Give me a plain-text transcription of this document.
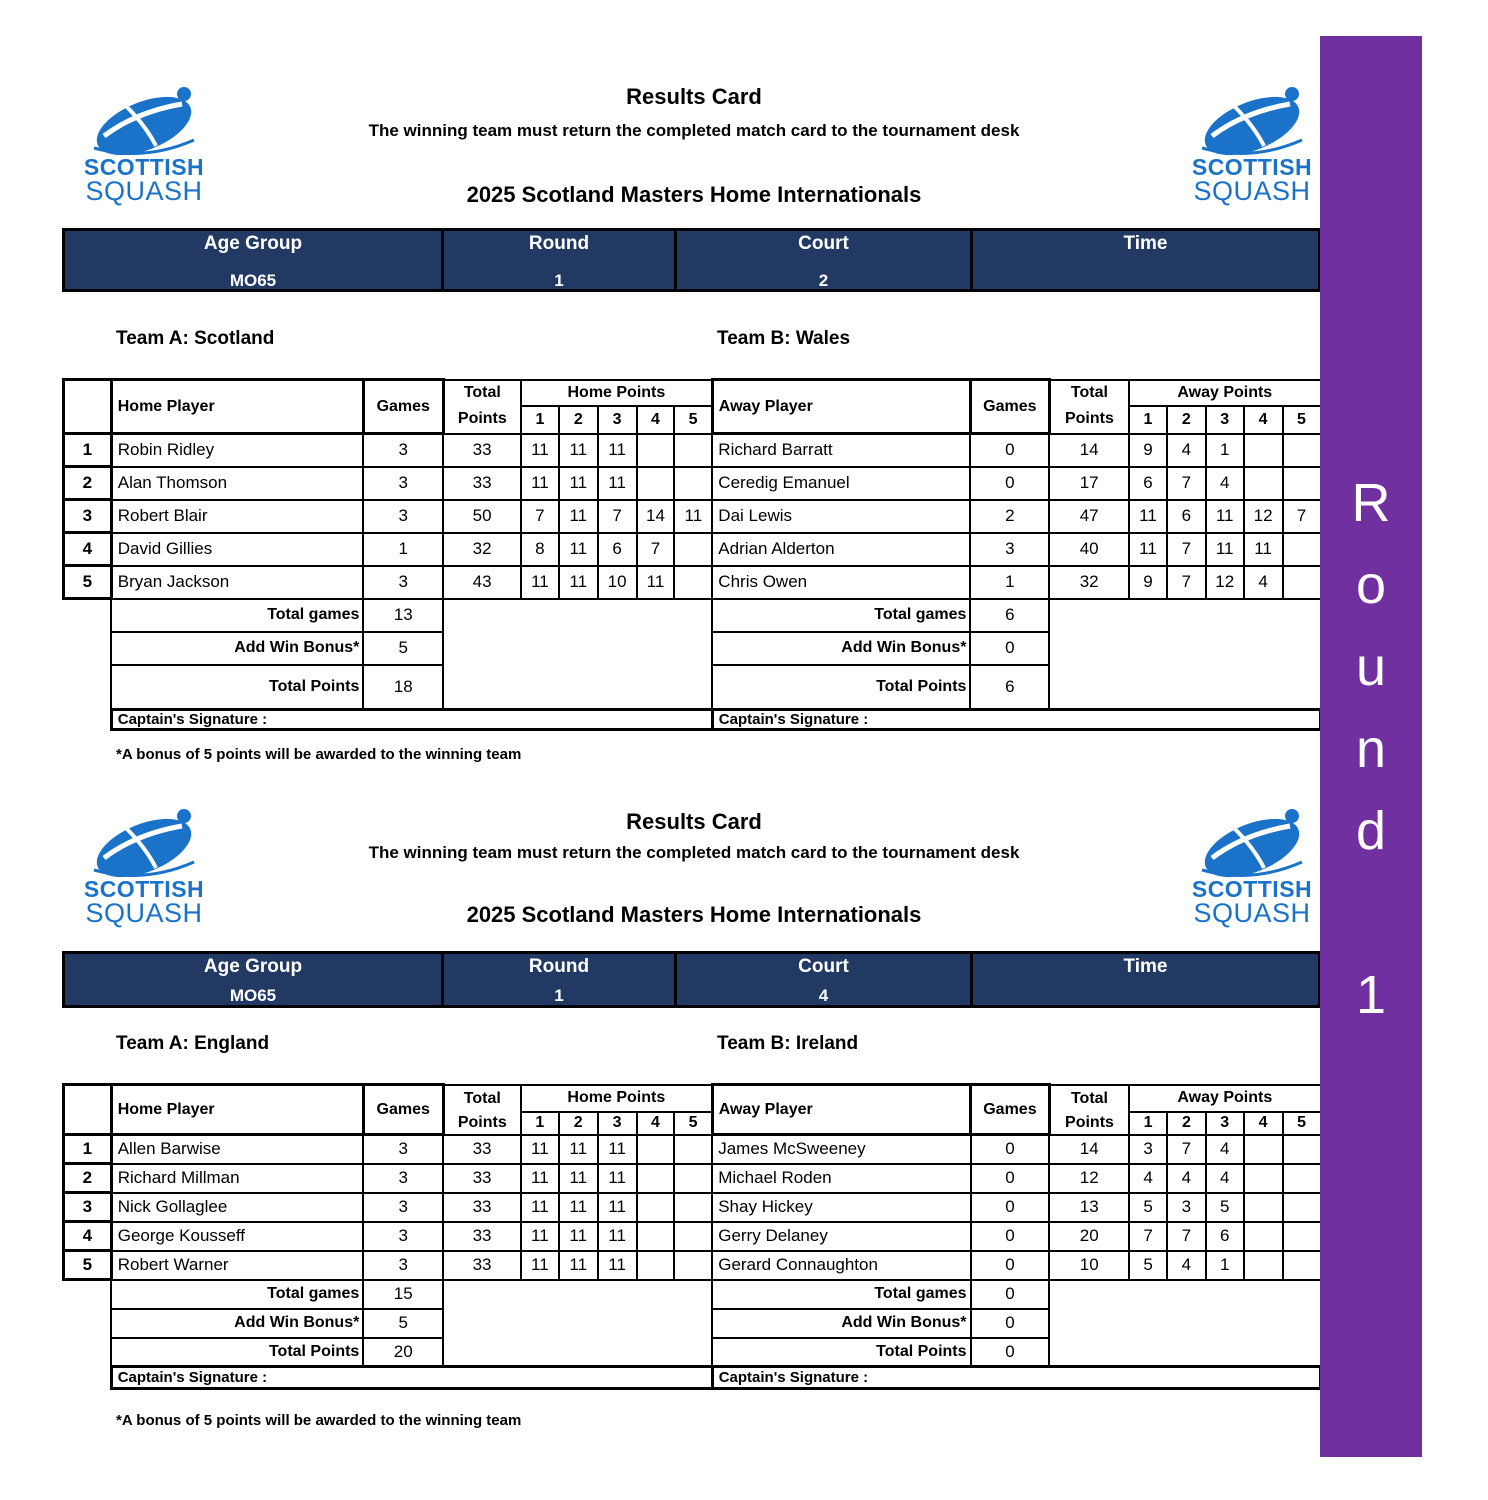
SCOTTISH
SQUASH
SCOTTISH
SQUASH
Results Card
The winning team must return the completed match card to the tournament desk
2025 Scotland Masters Home Internationals
Age Group
MO65
Round
1
Court
2
Time
Team A: Scotland	Team B: Wales
	Home Player	Games	Total	Home Points					Away Player	Games	Total	Away Points				
			Points	1	2	3	4	5			Points	1	2	3	4	5
1	Robin Ridley	3	33	11	11	11			Richard Barratt	0	14	9	4	1		
2	Alan Thomson	3	33	11	11	11			Ceredig Emanuel	0	17	6	7	4		
3	Robert Blair	3	50	7	11	7	14	11	Dai Lewis	2	47	11	6	11	12	7
4	David Gillies	1	32	8	11	6	7		Adrian Alderton	3	40	11	7	11	11	
5	Bryan Jackson	3	43	11	11	10	11		Chris Owen	1	32	9	7	12	4	
	Total games	13							Total games	6						
	Add Win Bonus*	5							Add Win Bonus*	0						
	Total Points	18							Total Points	6						
	Captain's Signature :								Captain's Signature :							
*A bonus of 5 points will be awarded to the winning team
SCOTTISH
SQUASH
SCOTTISH
SQUASH
Results Card
The winning team must return the completed match card to the tournament desk
2025 Scotland Masters Home Internationals
Age Group
MO65
Round
1
Court
4
Time
Team A: England	Team B: Ireland
	Home Player	Games	Total	Home Points					Away Player	Games	Total	Away Points				
			Points	1	2	3	4	5			Points	1	2	3	4	5
1	Allen Barwise	3	33	11	11	11			James McSweeney	0	14	3	7	4		
2	Richard Millman	3	33	11	11	11			Michael Roden	0	12	4	4	4		
3	Nick Gollaglee	3	33	11	11	11			Shay Hickey	0	13	5	3	5		
4	George Kousseff	3	33	11	11	11			Gerry Delaney	0	20	7	7	6		
5	Robert Warner	3	33	11	11	11			Gerard Connaughton	0	10	5	4	1		
	Total games	15							Total games	0						
	Add Win Bonus*	5							Add Win Bonus*	0						
	Total Points	20							Total Points	0						
	Captain's Signature :								Captain's Signature :							
*A bonus of 5 points will be awarded to the winning team
R
o
u
n
d
1
